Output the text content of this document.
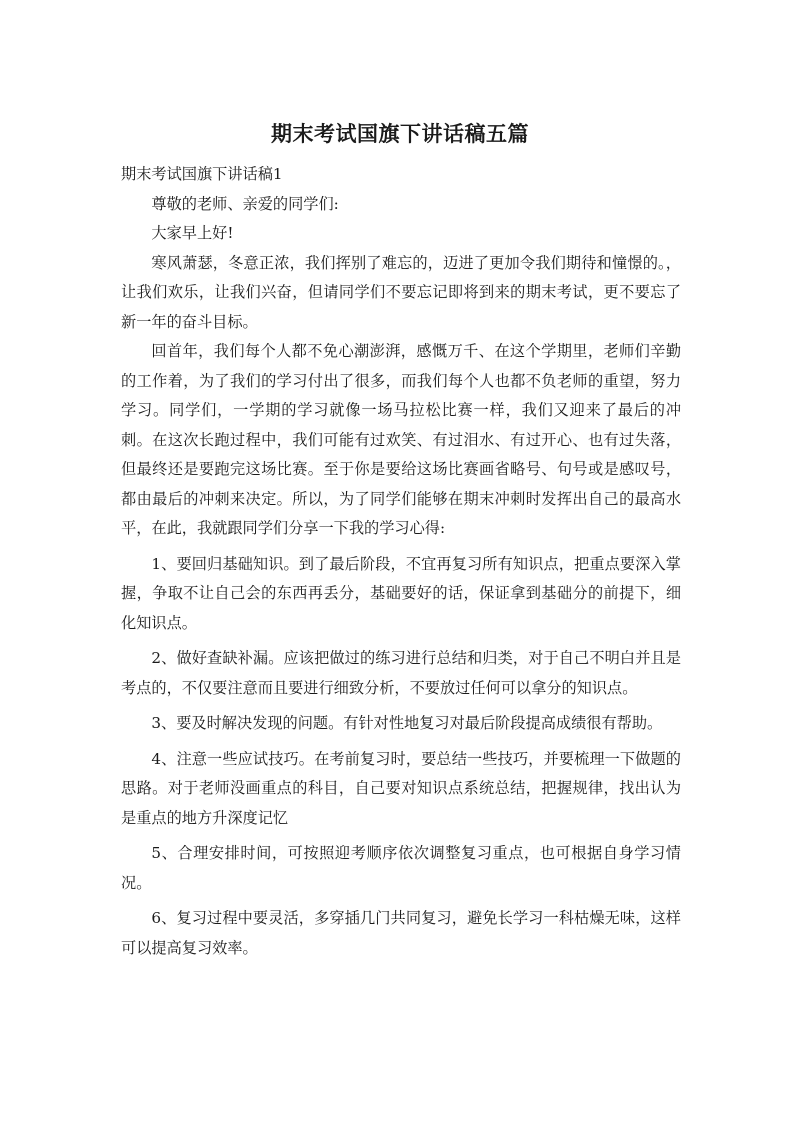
期末考试国旗下讲话稿五篇

期末考试国旗下讲话稿1

尊敬的老师、亲爱的同学们:

大家早上好!

寒风萧瑟，冬意正浓，我们挥别了难忘的，迈进了更加令我们期待和憧憬的。，让我们欢乐，让我们兴奋，但请同学们不要忘记即将到来的期末考试，更不要忘了新一年的奋斗目标。

回首年，我们每个人都不免心潮澎湃，感慨万千、在这个学期里，老师们辛勤的工作着，为了我们的学习付出了很多，而我们每个人也都不负老师的重望，努力学习。同学们，一学期的学习就像一场马拉松比赛一样，我们又迎来了最后的冲刺。在这次长跑过程中，我们可能有过欢笑、有过泪水、有过开心、也有过失落，但最终还是要跑完这场比赛。至于你是要给这场比赛画省略号、句号或是感叹号，都由最后的冲刺来决定。所以，为了同学们能够在期末冲刺时发挥出自己的最高水平，在此，我就跟同学们分享一下我的学习心得:

1、要回归基础知识。到了最后阶段，不宜再复习所有知识点，把重点要深入掌握，争取不让自己会的东西再丢分，基础要好的话，保证拿到基础分的前提下，细化知识点。

2、做好查缺补漏。应该把做过的练习进行总结和归类，对于自己不明白并且是考点的，不仅要注意而且要进行细致分析，不要放过任何可以拿分的知识点。

3、要及时解决发现的问题。有针对性地复习对最后阶段提高成绩很有帮助。

4、注意一些应试技巧。在考前复习时，要总结一些技巧，并要梳理一下做题的思路。对于老师没画重点的科目，自己要对知识点系统总结，把握规律，找出认为是重点的地方升深度记忆

5、合理安排时间，可按照迎考顺序依次调整复习重点，也可根据自身学习情况。

6、复习过程中要灵活，多穿插几门共同复习，避免长学习一科枯燥无味，这样可以提高复习效率。
